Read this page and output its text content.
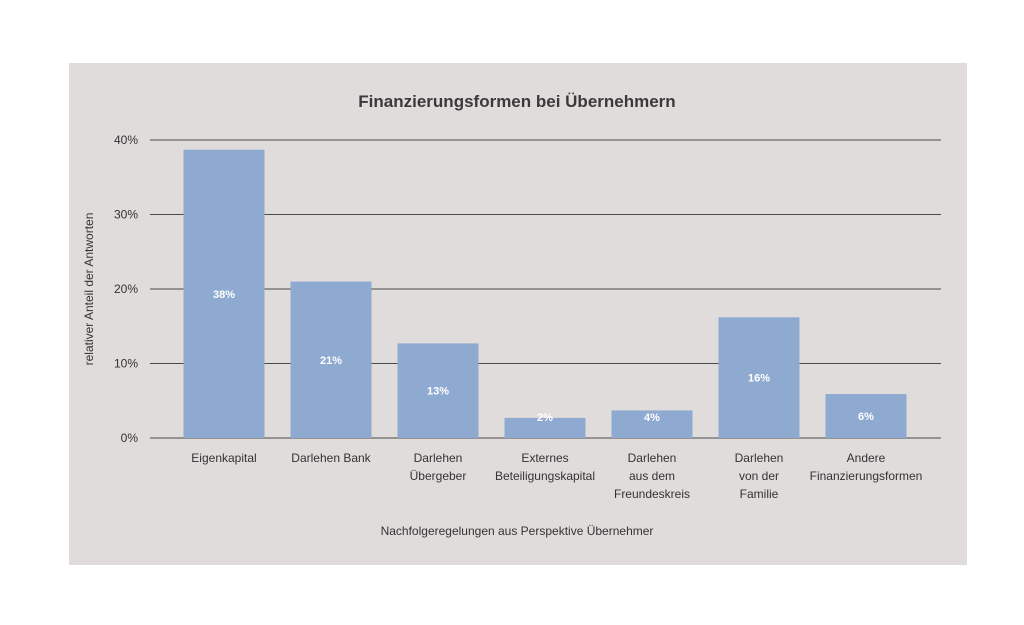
Finanzierungsformen bei Übernehmern
0%
10%
20%
30%
40%
38%
21%
13%
2%	4%
16%
6%
Eigenkapital	Darlehen Bank	Darlehen Übergeber
Externes Beteiligungskapital
Darlehen aus dem Freundeskreis
Darlehen von der Familie
Andere Finanzierungsformen
relativer Anteil der Antworten
Nachfolgeregelungen aus Perspektive Übernehmer
